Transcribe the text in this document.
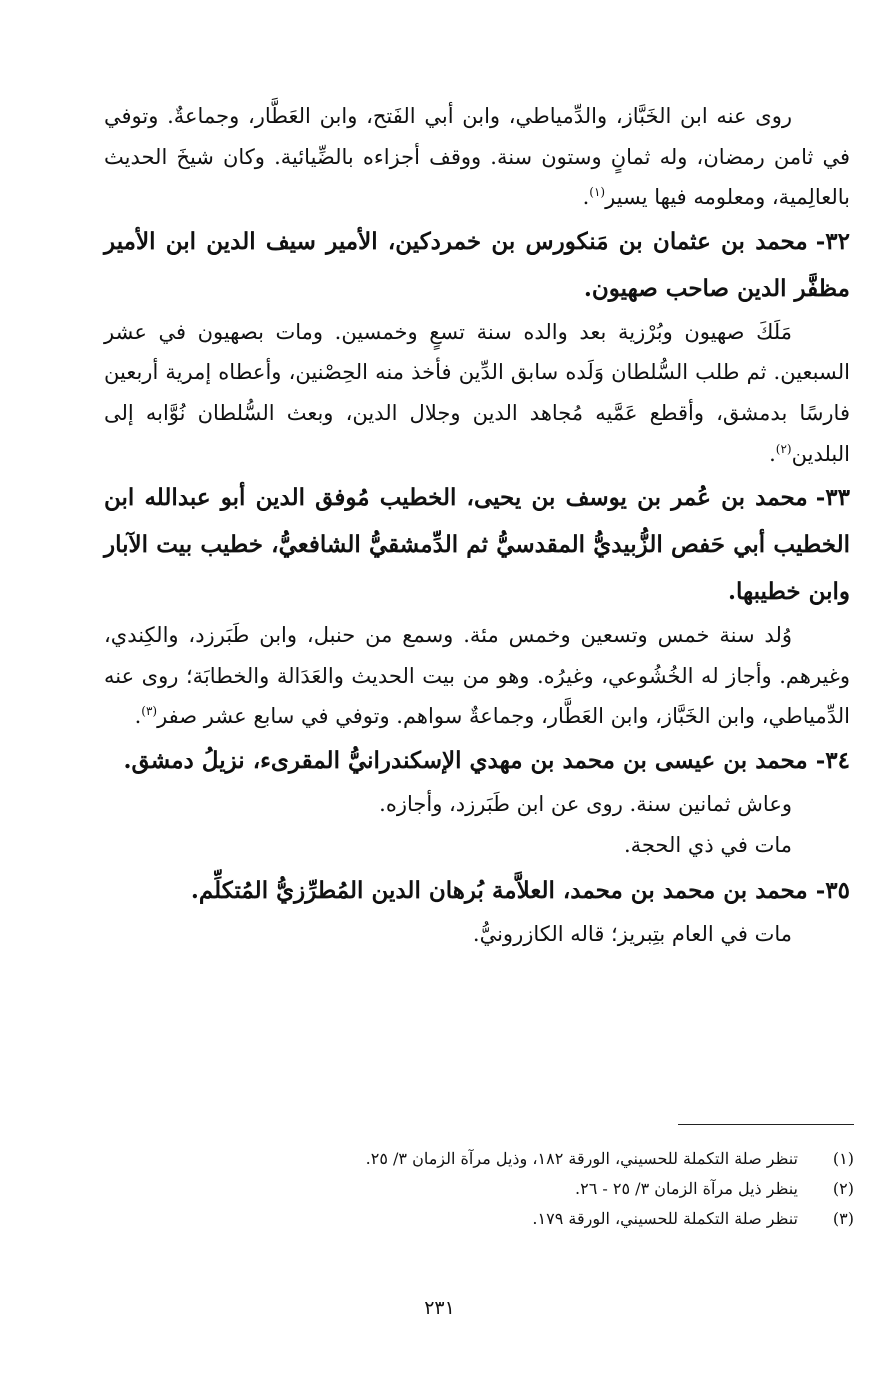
روى عنه ابن الخَبَّاز، والدِّمياطي، وابن أبي الفَتح، وابن العَطَّار، وجماعةٌ. وتوفي في ثامن رمضان، وله ثمانٍ وستون سنة. ووقف أجزاءه بالضِّيائية. وكان شيخَ الحديث بالعالِمية، ومعلومه فيها يسير$^{(١)}$.

٣٢-محمد بن عثمان بن مَنكورس بن خمردكين، الأمير سيف الدين ابن الأمير مظفَّر الدين صاحب صهيون.

مَلَكَ صهيون وبُرْزية بعد والده سنة تسعٍ وخمسين. ومات بصهيون في عشر السبعين. ثم طلب السُّلطان وَلَده سابق الدِّين فأخذ منه الحِصْنين، وأعطاه إمرية أربعين فارسًا بدمشق، وأقطع عَمَّيه مُجاهد الدين وجلال الدين، وبعث السُّلطان نُوَّابه إلى البلدين$^{(٢)}$.

٣٣-محمد بن عُمر بن يوسف بن يحيى، الخطيب مُوفق الدين أبو عبدالله ابن الخطيب أبي حَفص الزُّبيديُّ المقدسيُّ ثم الدِّمشقيُّ الشافعيُّ، خطيب بيت الآبار وابن خطيبها.

وُلد سنة خمس وتسعين وخمس مئة. وسمع من حنبل، وابن طَبَرزد، والكِندي، وغيرهم. وأجاز له الخُشُوعي، وغيرُه. وهو من بيت الحديث والعَدَالة والخطابَة؛ روى عنه الدِّمياطي، وابن الخَبَّاز، وابن العَطَّار، وجماعةٌ سواهم. وتوفي في سابع عشر صفر$^{(٣)}$.

٣٤-محمد بن عيسى بن محمد بن مهدي الإسكندرانيُّ المقرىء، نزيلُ دمشق.

وعاش ثمانين سنة. روى عن ابن طَبَرزد، وأجازه.

مات في ذي الحجة.

٣٥-محمد بن محمد بن محمد، العلاَّمة بُرهان الدين المُطرِّزيُّ المُتكلِّم.

مات في العام بتِبريز؛ قاله الكازرونيُّ.

(١)
تنظر صلة التكملة للحسيني، الورقة ١٨٢، وذيل مرآة الزمان ٣/ ٢٥.
(٢)
ينظر ذيل مرآة الزمان ٣/ ٢٥ - ٢٦.
(٣)
تنظر صلة التكملة للحسيني، الورقة ١٧٩.
٢٣١
